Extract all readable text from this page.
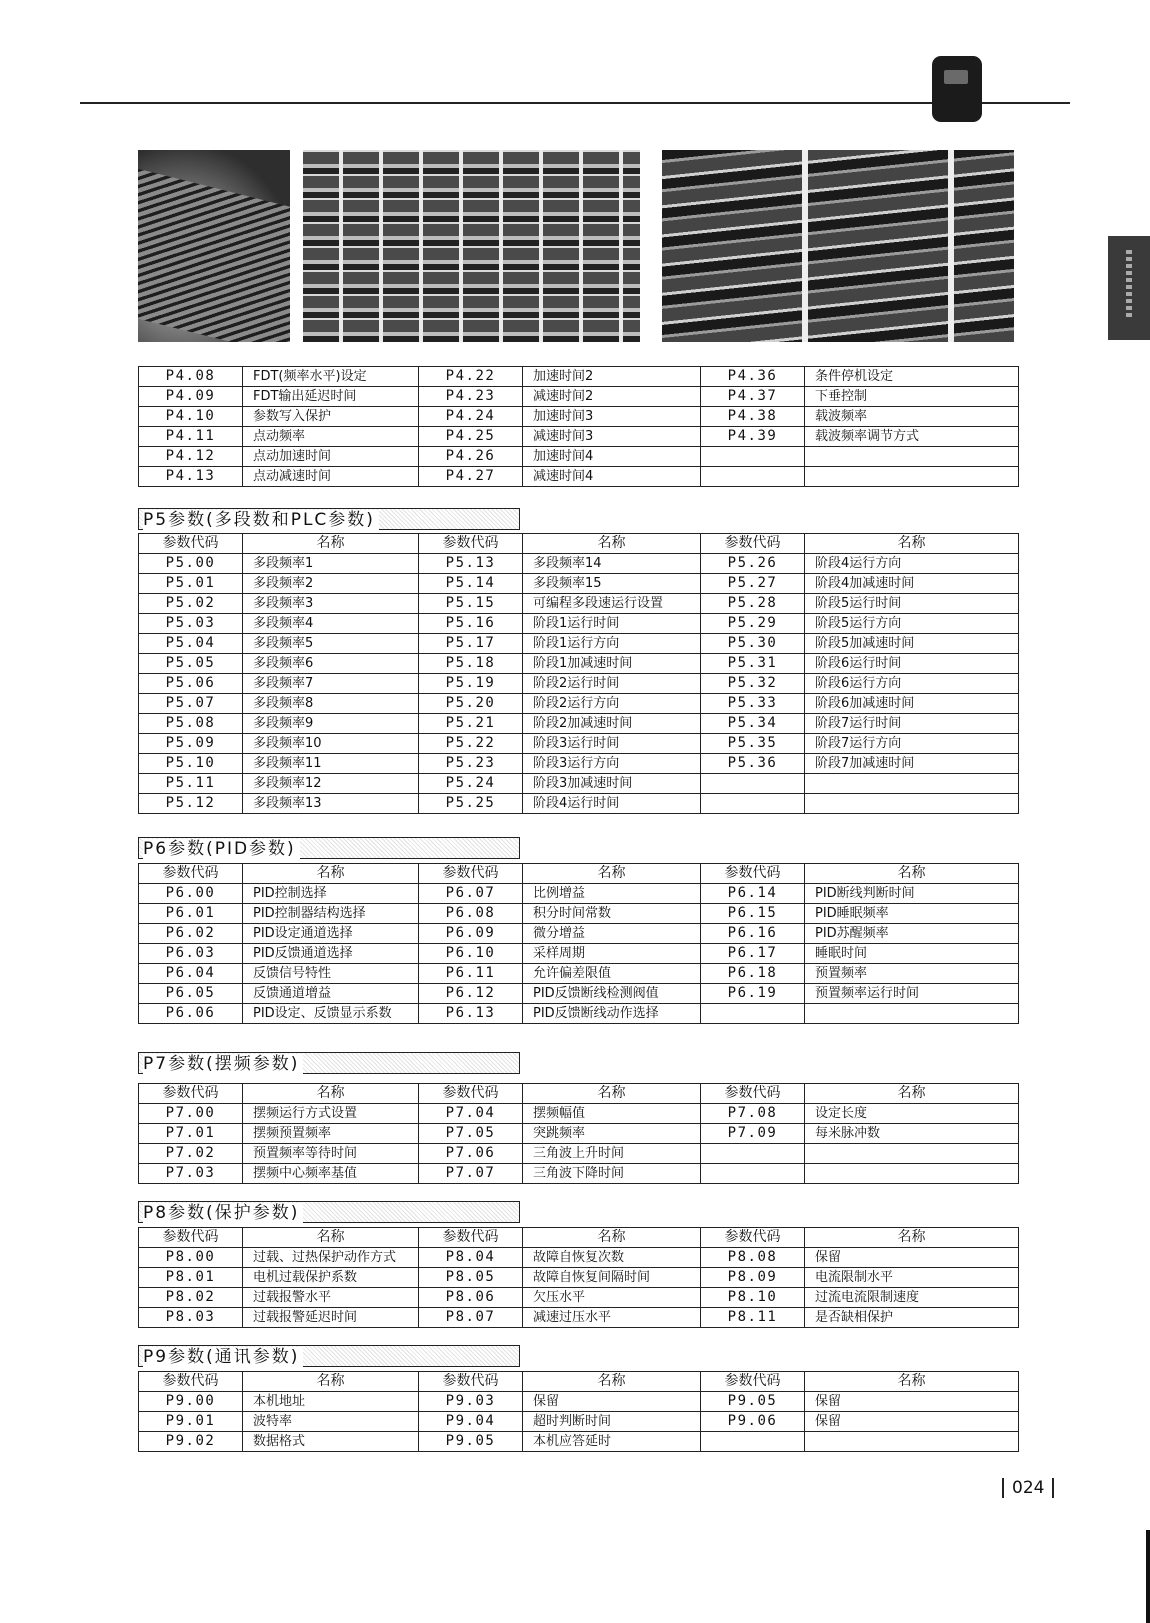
P4.08	FDT(频率水平)设定	P4.22	加速时间2	P4.36	条件停机设定
P4.09	FDT输出延迟时间	P4.23	减速时间2	P4.37	下垂控制
P4.10	参数写入保护	P4.24	加速时间3	P4.38	载波频率
P4.11	点动频率	P4.25	减速时间3	P4.39	载波频率调节方式
P4.12	点动加速时间	P4.26	加速时间4		
P4.13	点动减速时间	P4.27	减速时间4		
P5参数(多段数和PLC参数)
参数代码	名称	参数代码	名称	参数代码	名称
P5.00	多段频率1	P5.13	多段频率14	P5.26	阶段4运行方向
P5.01	多段频率2	P5.14	多段频率15	P5.27	阶段4加减速时间
P5.02	多段频率3	P5.15	可编程多段速运行设置	P5.28	阶段5运行时间
P5.03	多段频率4	P5.16	阶段1运行时间	P5.29	阶段5运行方向
P5.04	多段频率5	P5.17	阶段1运行方向	P5.30	阶段5加减速时间
P5.05	多段频率6	P5.18	阶段1加减速时间	P5.31	阶段6运行时间
P5.06	多段频率7	P5.19	阶段2运行时间	P5.32	阶段6运行方向
P5.07	多段频率8	P5.20	阶段2运行方向	P5.33	阶段6加减速时间
P5.08	多段频率9	P5.21	阶段2加减速时间	P5.34	阶段7运行时间
P5.09	多段频率10	P5.22	阶段3运行时间	P5.35	阶段7运行方向
P5.10	多段频率11	P5.23	阶段3运行方向	P5.36	阶段7加减速时间
P5.11	多段频率12	P5.24	阶段3加减速时间		
P5.12	多段频率13	P5.25	阶段4运行时间		
P6参数(PID参数)
参数代码	名称	参数代码	名称	参数代码	名称
P6.00	PID控制选择	P6.07	比例增益	P6.14	PID断线判断时间
P6.01	PID控制器结构选择	P6.08	积分时间常数	P6.15	PID睡眠频率
P6.02	PID设定通道选择	P6.09	微分增益	P6.16	PID苏醒频率
P6.03	PID反馈通道选择	P6.10	采样周期	P6.17	睡眠时间
P6.04	反馈信号特性	P6.11	允许偏差限值	P6.18	预置频率
P6.05	反馈通道增益	P6.12	PID反馈断线检测阀值	P6.19	预置频率运行时间
P6.06	PID设定、反馈显示系数	P6.13	PID反馈断线动作选择		
P7参数(摆频参数)
参数代码	名称	参数代码	名称	参数代码	名称
P7.00	摆频运行方式设置	P7.04	摆频幅值	P7.08	设定长度
P7.01	摆频预置频率	P7.05	突跳频率	P7.09	每米脉冲数
P7.02	预置频率等待时间	P7.06	三角波上升时间		
P7.03	摆频中心频率基值	P7.07	三角波下降时间		
P8参数(保护参数)
参数代码	名称	参数代码	名称	参数代码	名称
P8.00	过载、过热保护动作方式	P8.04	故障自恢复次数	P8.08	保留
P8.01	电机过载保护系数	P8.05	故障自恢复间隔时间	P8.09	电流限制水平
P8.02	过载报警水平	P8.06	欠压水平	P8.10	过流电流限制速度
P8.03	过载报警延迟时间	P8.07	减速过压水平	P8.11	是否缺相保护
P9参数(通讯参数)
参数代码	名称	参数代码	名称	参数代码	名称
P9.00	本机地址	P9.03	保留	P9.05	保留
P9.01	波特率	P9.04	超时判断时间	P9.06	保留
P9.02	数据格式	P9.05	本机应答延时		
024
